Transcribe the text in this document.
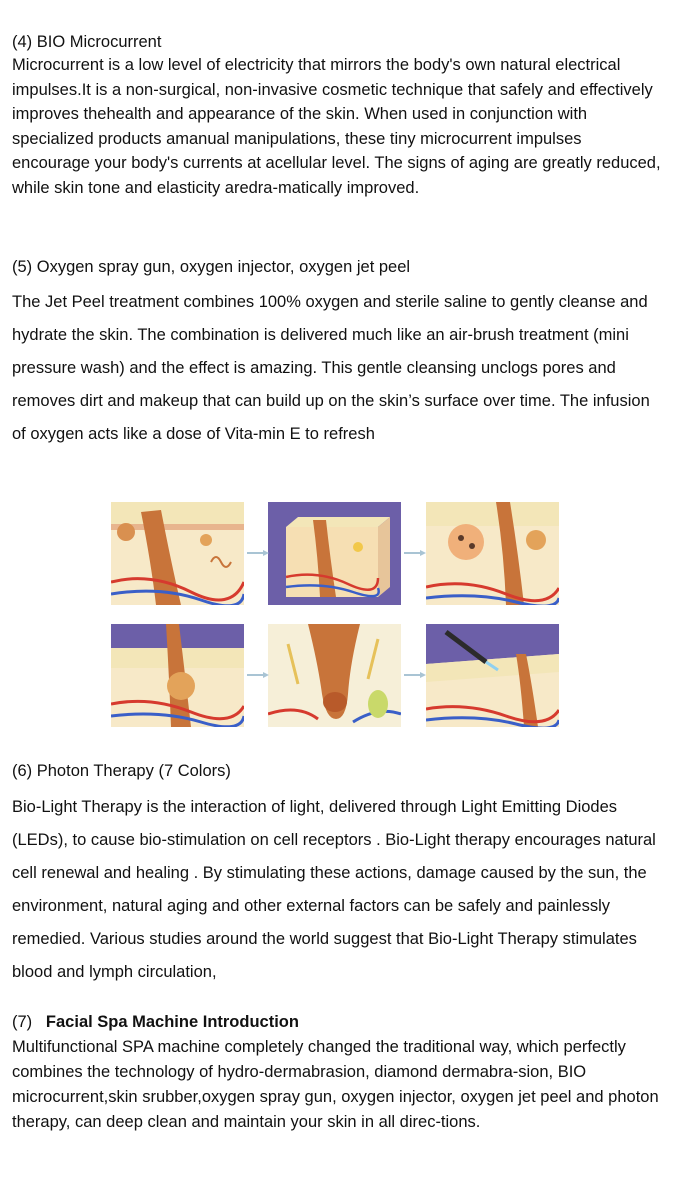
(4) BIO Microcurrent

Microcurrent is a low level of electricity that mirrors the body's own natural electrical impulses.It is a non-surgical, non-invasive cosmetic technique that safely and effectively improves thehealth and appearance of the skin. When used in conjunction with specialized products amanual manipulations, these tiny microcurrent impulses encourage your body's currents at acellular level. The signs of aging are greatly reduced, while skin tone and elasticity aredra-matically improved.

(5) Oxygen spray gun, oxygen injector, oxygen jet peel

The Jet Peel treatment combines 100% oxygen and sterile saline to gently cleanse and hydrate the skin. The combination is delivered much like an air-brush treatment (mini pressure wash) and the effect is amazing. This gentle cleansing unclogs pores and removes dirt and makeup that can build up on the skin’s surface over time. The infusion of oxygen acts like a dose of Vita-min E to refresh

(6) Photon Therapy (7 Colors)

Bio-Light Therapy is the interaction of light, delivered through Light Emitting Diodes (LEDs), to cause bio-stimulation on cell receptors . Bio-Light therapy encourages natural cell renewal and healing . By stimulating these actions, damage caused by the sun, the environment, natural aging and other external factors can be safely and painlessly remedied. Various studies around the world suggest that Bio-Light Therapy stimulates blood and lymph circulation,

(7)   Facial Spa Machine Introduction

Multifunctional SPA machine completely changed the traditional way, which perfectly combines the technology of hydro-dermabrasion, diamond dermabra-sion, BIO microcurrent,skin srubber,oxygen spray gun, oxygen injector, oxygen jet peel and photon therapy, can deep clean and maintain your skin in all direc-tions.
